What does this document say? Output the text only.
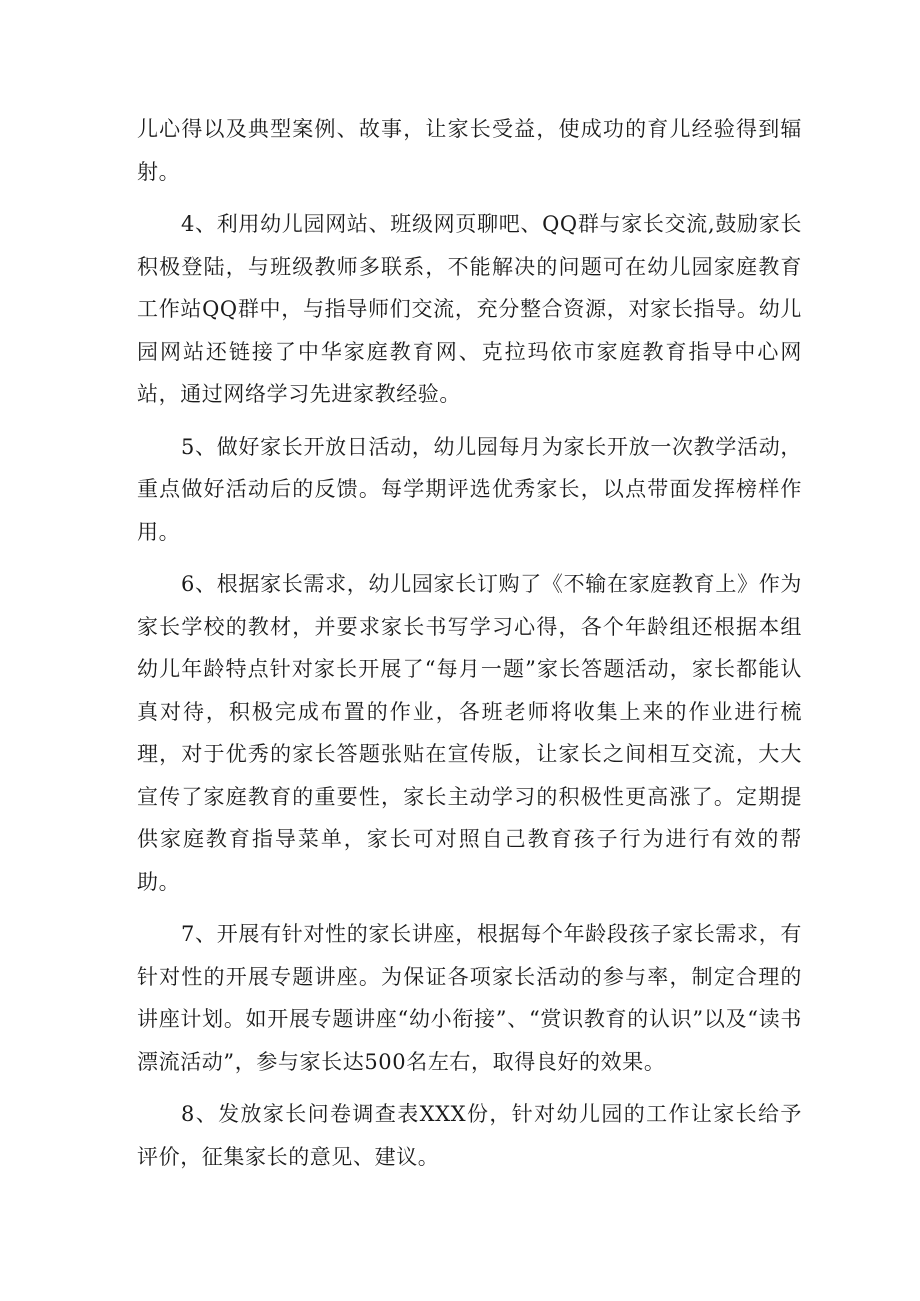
儿心得以及典型案例、故事，让家长受益，使成功的育儿经验得到辐射。

4、利用幼儿园网站、班级网页聊吧、QQ群与家长交流,鼓励家长积极登陆，与班级教师多联系，不能解决的问题可在幼儿园家庭教育工作站QQ群中，与指导师们交流，充分整合资源，对家长指导。幼儿园网站还链接了中华家庭教育网、克拉玛依市家庭教育指导中心网站，通过网络学习先进家教经验。

5、做好家长开放日活动，幼儿园每月为家长开放一次教学活动，重点做好活动后的反馈。每学期评选优秀家长，以点带面发挥榜样作用。

6、根据家长需求，幼儿园家长订购了《不输在家庭教育上》作为家长学校的教材，并要求家长书写学习心得，各个年龄组还根据本组幼儿年龄特点针对家长开展了“每月一题”家长答题活动，家长都能认真对待，积极完成布置的作业，各班老师将收集上来的作业进行梳理，对于优秀的家长答题张贴在宣传版，让家长之间相互交流，大大宣传了家庭教育的重要性，家长主动学习的积极性更高涨了。定期提供家庭教育指导菜单，家长可对照自己教育孩子行为进行有效的帮助。

7、开展有针对性的家长讲座，根据每个年龄段孩子家长需求，有针对性的开展专题讲座。为保证各项家长活动的参与率，制定合理的讲座计划。如开展专题讲座“幼小衔接”、“赏识教育的认识”以及“读书漂流活动”，参与家长达500名左右，取得良好的效果。

8、发放家长问卷调查表XXX份，针对幼儿园的工作让家长给予评价，征集家长的意见、建议。
